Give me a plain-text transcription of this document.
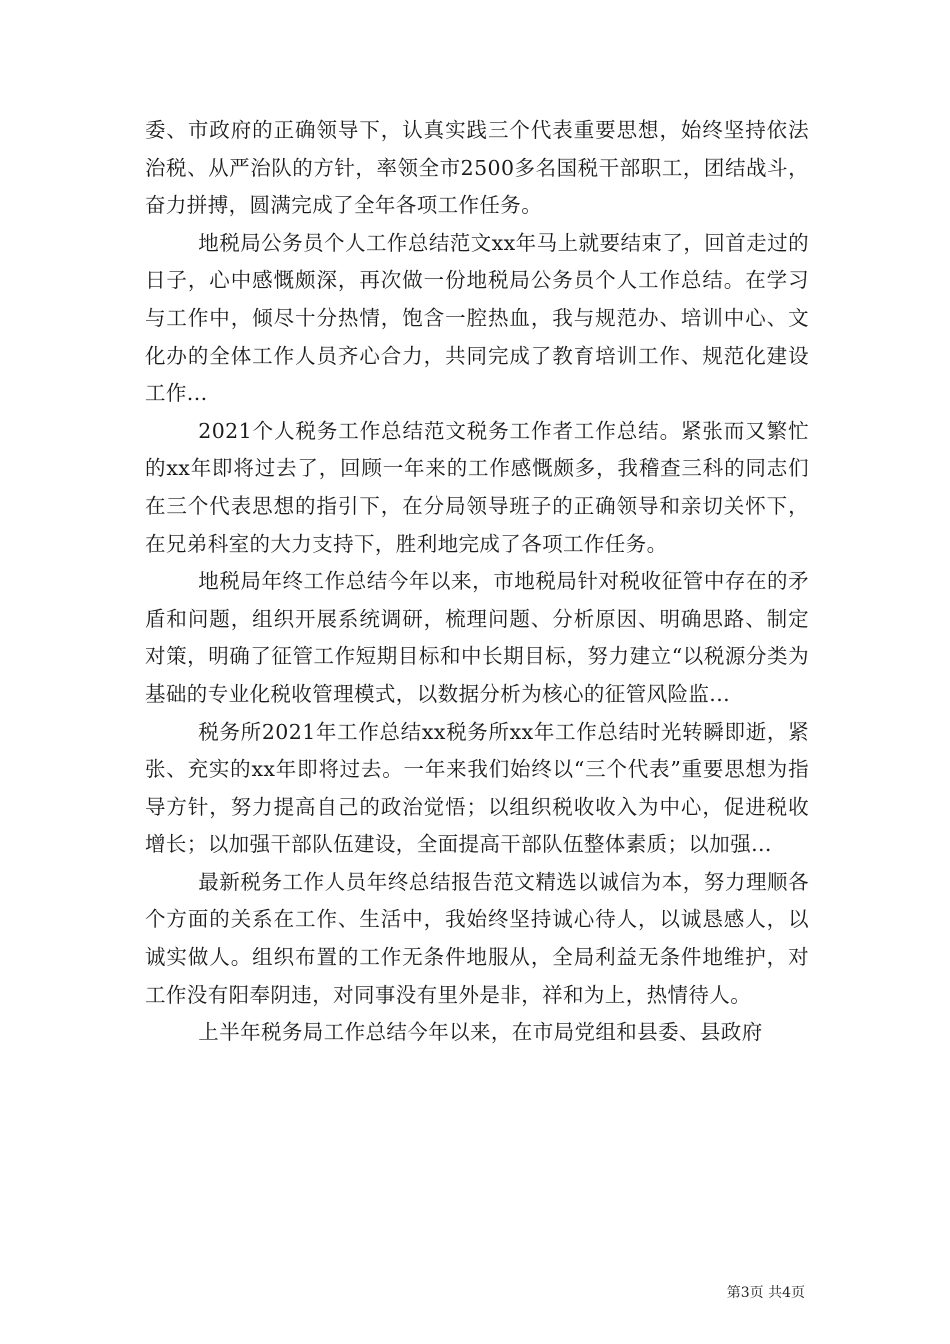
委、市政府的正确领导下，认真实践三个代表重要思想，始终坚持依法治税、从严治队的方针，率领全市2500多名国税干部职工，团结战斗，奋力拼搏，圆满完成了全年各项工作任务。

地税局公务员个人工作总结范文xx年马上就要结束了，回首走过的日子，心中感慨颇深，再次做一份地税局公务员个人工作总结。在学习与工作中，倾尽十分热情，饱含一腔热血，我与规范办、培训中心、文化办的全体工作人员齐心合力，共同完成了教育培训工作、规范化建设工作...

2021个人税务工作总结范文税务工作者工作总结。紧张而又繁忙的xx年即将过去了，回顾一年来的工作感慨颇多，我稽查三科的同志们在三个代表思想的指引下，在分局领导班子的正确领导和亲切关怀下，在兄弟科室的大力支持下，胜利地完成了各项工作任务。

地税局年终工作总结今年以来，市地税局针对税收征管中存在的矛盾和问题，组织开展系统调研，梳理问题、分析原因、明确思路、制定对策，明确了征管工作短期目标和中长期目标，努力建立“以税源分类为基础的专业化税收管理模式，以数据分析为核心的征管风险监...

税务所2021年工作总结xx税务所xx年工作总结时光转瞬即逝，紧张、充实的xx年即将过去。一年来我们始终以“三个代表”重要思想为指导方针，努力提高自己的政治觉悟；以组织税收收入为中心，促进税收增长；以加强干部队伍建设，全面提高干部队伍整体素质；以加强...

最新税务工作人员年终总结报告范文精选以诚信为本，努力理顺各个方面的关系在工作、生活中，我始终坚持诚心待人，以诚恳感人，以诚实做人。组织布置的工作无条件地服从，全局利益无条件地维护，对工作没有阳奉阴违，对同事没有里外是非，祥和为上，热情待人。

上半年税务局工作总结今年以来，在市局党组和县委、县政府

第3页 共4页
